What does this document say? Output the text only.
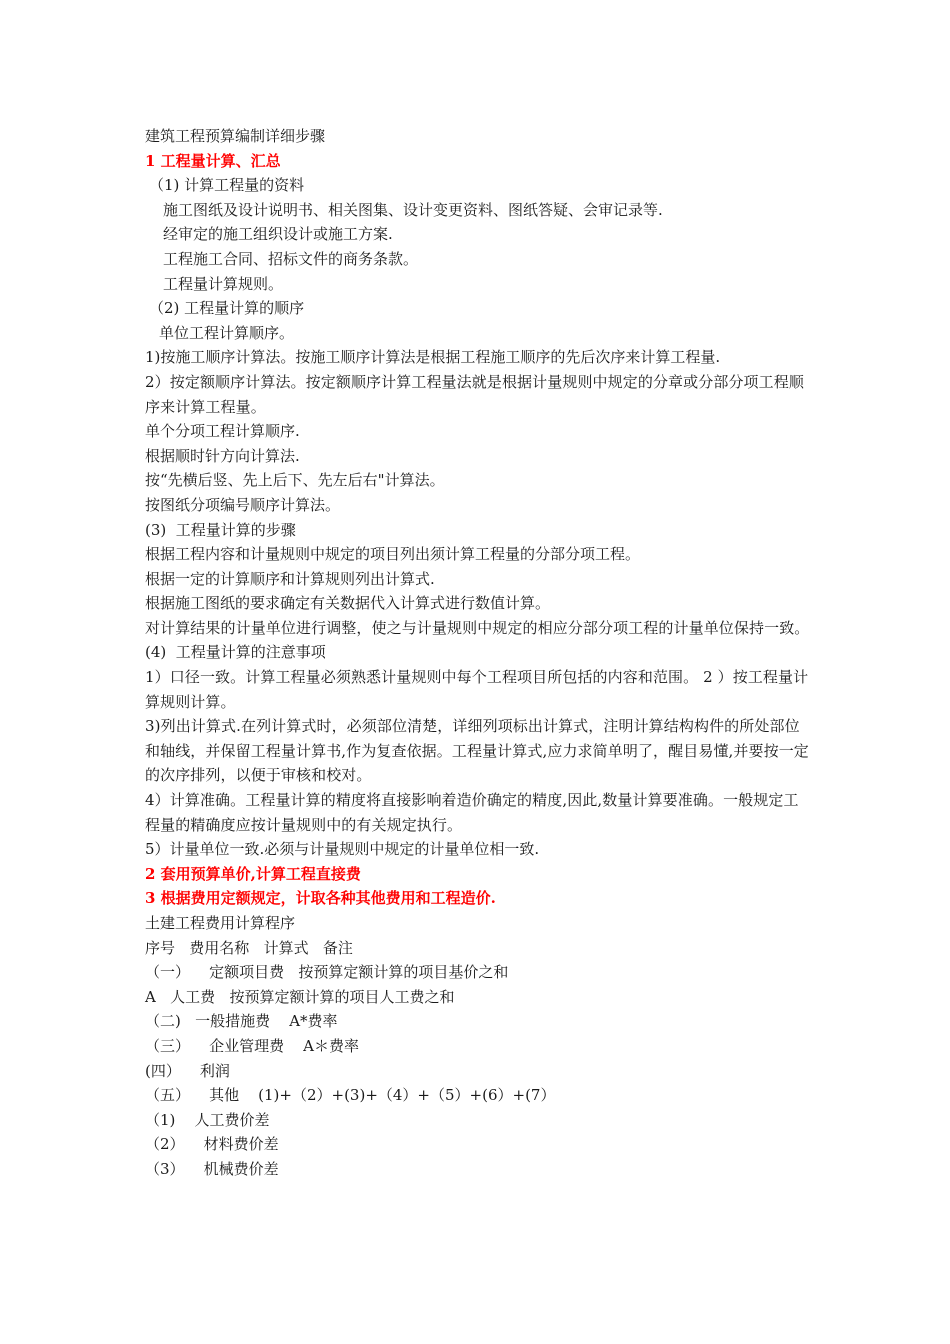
建筑工程预算编制详细步骤

1 工程量计算、汇总

（1) 计算工程量的资料

施工图纸及设计说明书、相关图集、设计变更资料、图纸答疑、会审记录等.

经审定的施工组织设计或施工方案.

工程施工合同、招标文件的商务条款。

工程量计算规则。

（2) 工程量计算的顺序

单位工程计算顺序。

1)按施工顺序计算法。按施工顺序计算法是根据工程施工顺序的先后次序来计算工程量.

2）按定额顺序计算法。按定额顺序计算工程量法就是根据计量规则中规定的分章或分部分项工程顺序来计算工程量。

单个分项工程计算顺序.

根据顺时针方向计算法.

按“先横后竖、先上后下、先左后右"计算法。

按图纸分项编号顺序计算法。

(3)  工程量计算的步骤

根据工程内容和计量规则中规定的项目列出须计算工程量的分部分项工程。

根据一定的计算顺序和计算规则列出计算式.

根据施工图纸的要求确定有关数据代入计算式进行数值计算。

对计算结果的计量单位进行调整，使之与计量规则中规定的相应分部分项工程的计量单位保持一致。

(4)  工程量计算的注意事项

1）口径一致。计算工程量必须熟悉计量规则中每个工程项目所包括的内容和范围。 2 ）按工程量计算规则计算。

3)列出计算式.在列计算式时，必须部位清楚，详细列项标出计算式，注明计算结构构件的所处部位和轴线，并保留工程量计算书,作为复查依据。工程量计算式,应力求简单明了，醒目易懂,并要按一定的次序排列，以便于审核和校对。

4）计算准确。工程量计算的精度将直接影响着造价确定的精度,因此,数量计算要准确。一般规定工程量的精确度应按计量规则中的有关规定执行。

5）计量单位一致.必须与计量规则中规定的计量单位相一致.

2 套用预算单价,计算工程直接费

3 根据费用定额规定，计取各种其他费用和工程造价.

土建工程费用计算程序

序号   费用名称   计算式   备注

（一）    定额项目费   按预算定额计算的项目基价之和

A   人工费   按预算定额计算的项目人工费之和

（二)   一般措施费    A*费率

（三）    企业管理费    A＊费率

(四）    利润

（五）    其他    (1)+（2）+(3)+（4）+（5）+(6）+(7）

（1)    人工费价差

（2）    材料费价差

（3）    机械费价差
